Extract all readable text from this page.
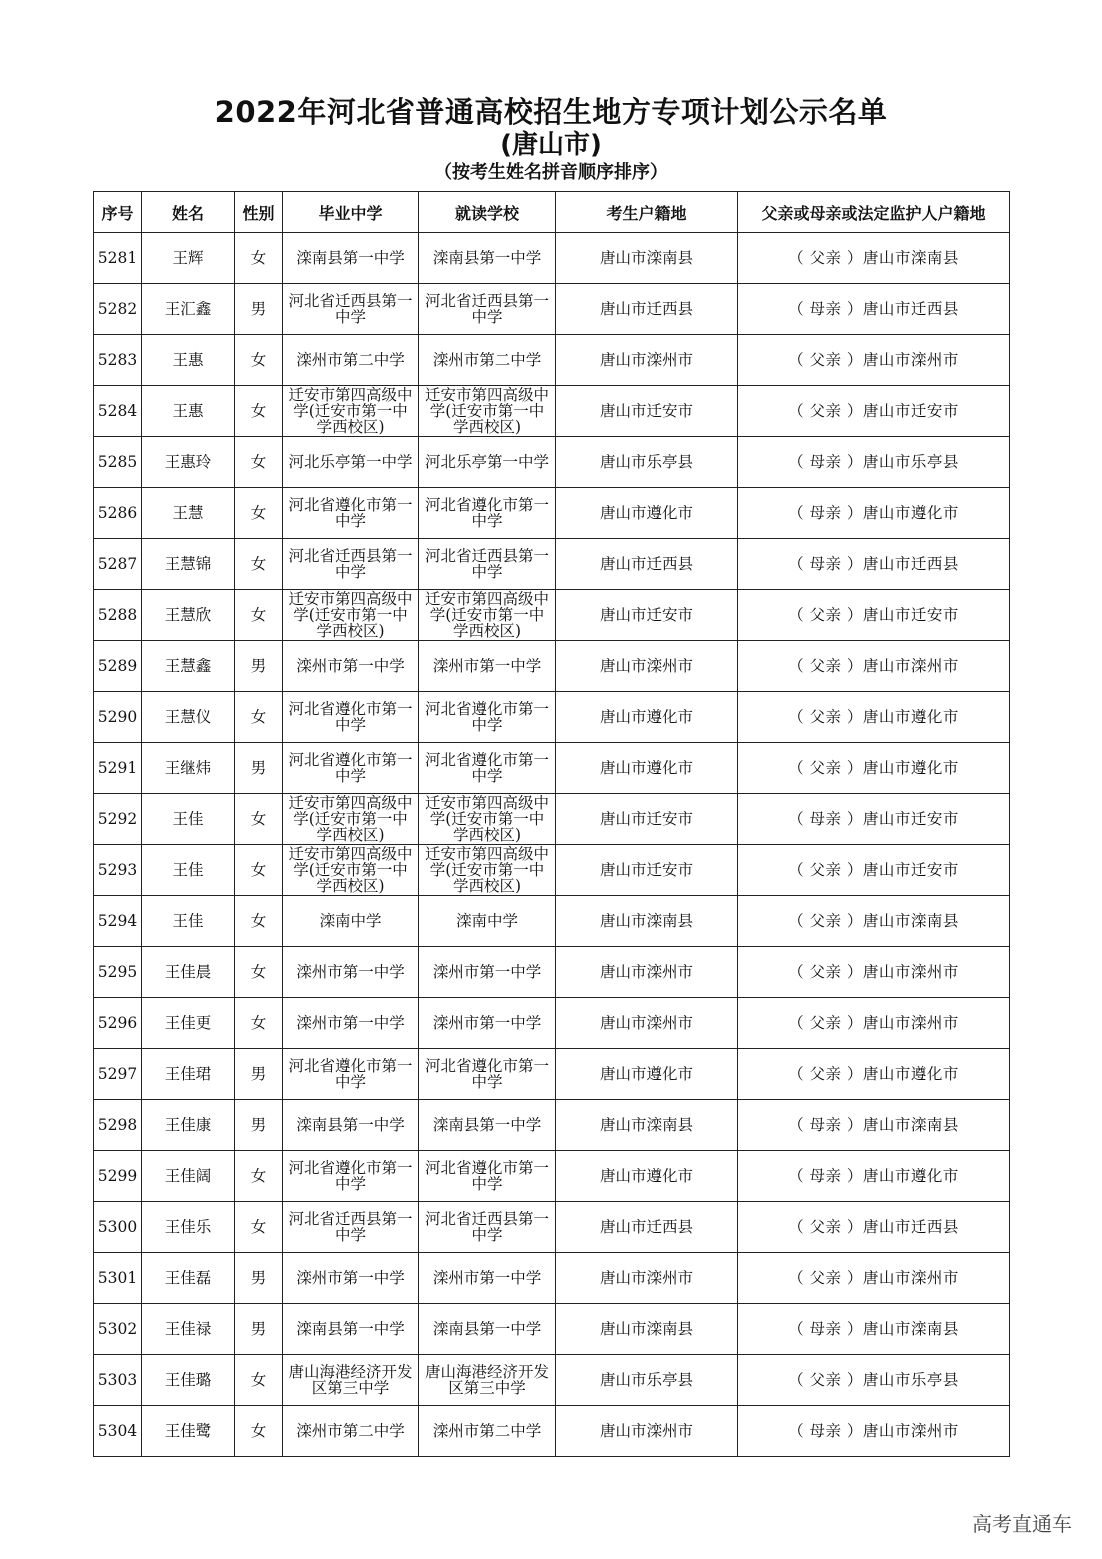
2022年河北省普通高校招生地方专项计划公示名单
(唐山市)
（按考生姓名拼音顺序排序）
序号	姓名	性别	毕业中学	就读学校	考生户籍地	父亲或母亲或法定监护人户籍地
5281	王辉	女	滦南县第一中学	滦南县第一中学	唐山市滦南县	（ 父亲 ）唐山市滦南县
5282	王汇鑫	男	河北省迁西县第一中学	河北省迁西县第一中学	唐山市迁西县	（ 母亲 ）唐山市迁西县
5283	王惠	女	滦州市第二中学	滦州市第二中学	唐山市滦州市	（ 父亲 ）唐山市滦州市
5284	王惠	女	迁安市第四高级中学(迁安市第一中学西校区)	迁安市第四高级中学(迁安市第一中学西校区)	唐山市迁安市	（ 父亲 ）唐山市迁安市
5285	王惠玲	女	河北乐亭第一中学	河北乐亭第一中学	唐山市乐亭县	（ 母亲 ）唐山市乐亭县
5286	王慧	女	河北省遵化市第一中学	河北省遵化市第一中学	唐山市遵化市	（ 母亲 ）唐山市遵化市
5287	王慧锦	女	河北省迁西县第一中学	河北省迁西县第一中学	唐山市迁西县	（ 母亲 ）唐山市迁西县
5288	王慧欣	女	迁安市第四高级中学(迁安市第一中学西校区)	迁安市第四高级中学(迁安市第一中学西校区)	唐山市迁安市	（ 父亲 ）唐山市迁安市
5289	王慧鑫	男	滦州市第一中学	滦州市第一中学	唐山市滦州市	（ 父亲 ）唐山市滦州市
5290	王慧仪	女	河北省遵化市第一中学	河北省遵化市第一中学	唐山市遵化市	（ 父亲 ）唐山市遵化市
5291	王继炜	男	河北省遵化市第一中学	河北省遵化市第一中学	唐山市遵化市	（ 父亲 ）唐山市遵化市
5292	王佳	女	迁安市第四高级中学(迁安市第一中学西校区)	迁安市第四高级中学(迁安市第一中学西校区)	唐山市迁安市	（ 母亲 ）唐山市迁安市
5293	王佳	女	迁安市第四高级中学(迁安市第一中学西校区)	迁安市第四高级中学(迁安市第一中学西校区)	唐山市迁安市	（ 父亲 ）唐山市迁安市
5294	王佳	女	滦南中学	滦南中学	唐山市滦南县	（ 父亲 ）唐山市滦南县
5295	王佳晨	女	滦州市第一中学	滦州市第一中学	唐山市滦州市	（ 父亲 ）唐山市滦州市
5296	王佳更	女	滦州市第一中学	滦州市第一中学	唐山市滦州市	（ 父亲 ）唐山市滦州市
5297	王佳珺	男	河北省遵化市第一中学	河北省遵化市第一中学	唐山市遵化市	（ 父亲 ）唐山市遵化市
5298	王佳康	男	滦南县第一中学	滦南县第一中学	唐山市滦南县	（ 母亲 ）唐山市滦南县
5299	王佳阔	女	河北省遵化市第一中学	河北省遵化市第一中学	唐山市遵化市	（ 母亲 ）唐山市遵化市
5300	王佳乐	女	河北省迁西县第一中学	河北省迁西县第一中学	唐山市迁西县	（ 父亲 ）唐山市迁西县
5301	王佳磊	男	滦州市第一中学	滦州市第一中学	唐山市滦州市	（ 父亲 ）唐山市滦州市
5302	王佳禄	男	滦南县第一中学	滦南县第一中学	唐山市滦南县	（ 母亲 ）唐山市滦南县
5303	王佳璐	女	唐山海港经济开发区第三中学	唐山海港经济开发区第三中学	唐山市乐亭县	（ 父亲 ）唐山市乐亭县
5304	王佳鹭	女	滦州市第二中学	滦州市第二中学	唐山市滦州市	（ 母亲 ）唐山市滦州市
高考直通车
